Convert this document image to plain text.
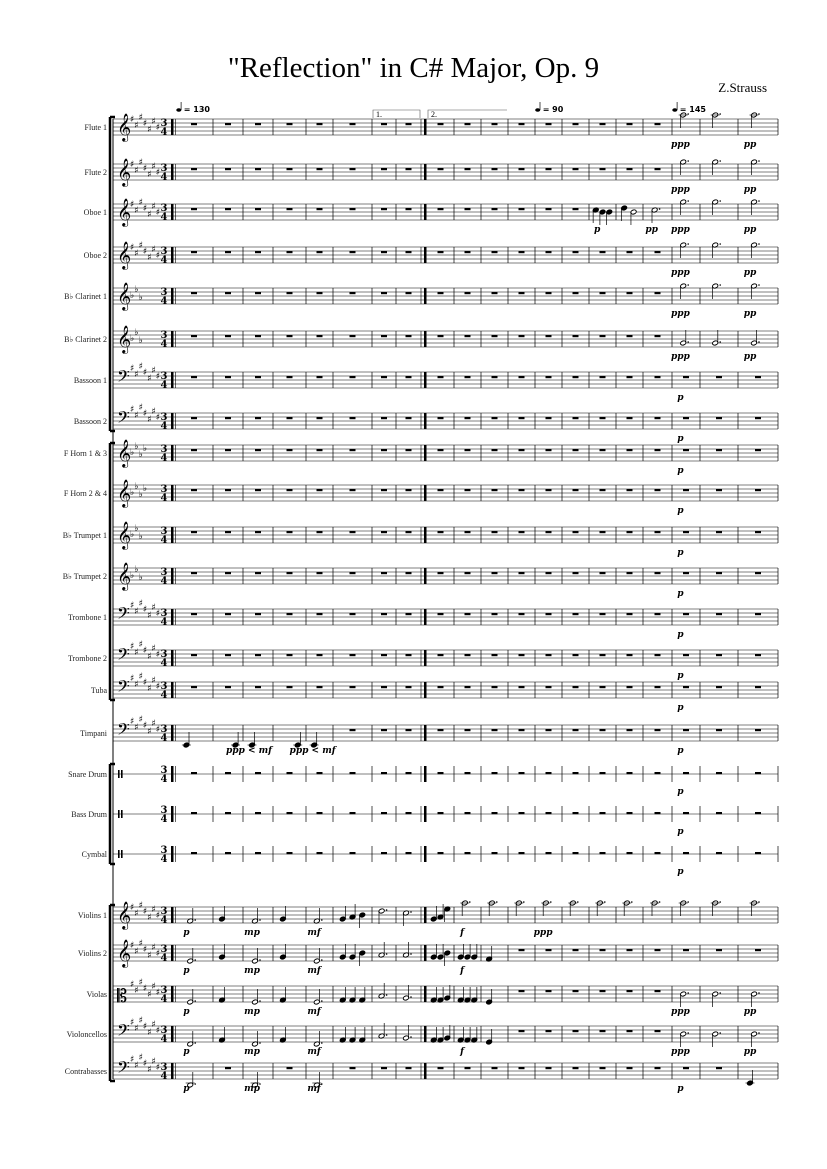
"Reflection" in C# Major, Op. 9
Z.Strauss
Flute 1 𝄞
♯
♯
♯
♯
♯
♯
♯ 3
4
ppp	pp
Flute 2 𝄞
♯
♯
♯
♯
♯
♯
♯ 3
4
ppp	pp
Oboe 1 𝄞
♯
♯
♯
♯
♯
♯
♯ 3
4
p	pp ppp	pp
Oboe 2 𝄞
♯
♯
♯
♯
♯
♯
♯ 3
4
ppp	pp
B♭ Clarinet 1 𝄞
♭
♭
♭ 3
4
ppp	pp
B♭ Clarinet 2 𝄞
♭
♭
♭ 3
4
ppp	pp
Bassoon 1 𝄢 ♯
♯
♯
♯
♯
♯
♯ 3
4
p
Bassoon 2 𝄢 ♯
♯
♯
♯
♯
♯
♯ 3
4
p
F Horn 1 & 3 𝄞
♭
♭
♭
♭ 3
4
p
F Horn 2 & 4 𝄞
♭
♭
♭
♭ 3
4
p
B♭ Trumpet 1 𝄞
♭
♭
♭ 3
4
p
B♭ Trumpet 2 𝄞
♭
♭
♭ 3
4
p
Trombone 1 𝄢 ♯
♯
♯
♯
♯
♯
♯ 3
4
p
Trombone 2 𝄢 ♯
♯
♯
♯
♯
♯
♯ 3
4
p
Tuba 𝄢 ♯
♯
♯
♯
♯
♯
♯ 3
4
p
Timpani 𝄢 ♯
♯
♯
♯
♯
♯
♯ 3
4
ppp < mf ppp < mf	p
Snare Drum	3
4
p
Bass Drum	3
4
p
Cymbal	3
4
p
Violins 1 𝄞
♯
♯
♯
♯
♯
♯
♯ 3
4
p	mp	mf	f	ppp
Violins 2 𝄞
♯
♯
♯
♯
♯
♯
♯ 3
4
p	mp	mf	f
Violas 𝄡
♯
♯
♯
♯
♯
♯
♯ 3
4
p	mp	mf	ppp	pp
Violoncellos 𝄢 ♯
♯
♯
♯
♯
♯
♯ 3
4
p	mp	mf	f	ppp	pp
Contrabasses 𝄢 ♯
♯
♯
♯
♯
♯
♯ 3
4
p	mp	mf	p
= 130	= 90	= 145
1.	2.
